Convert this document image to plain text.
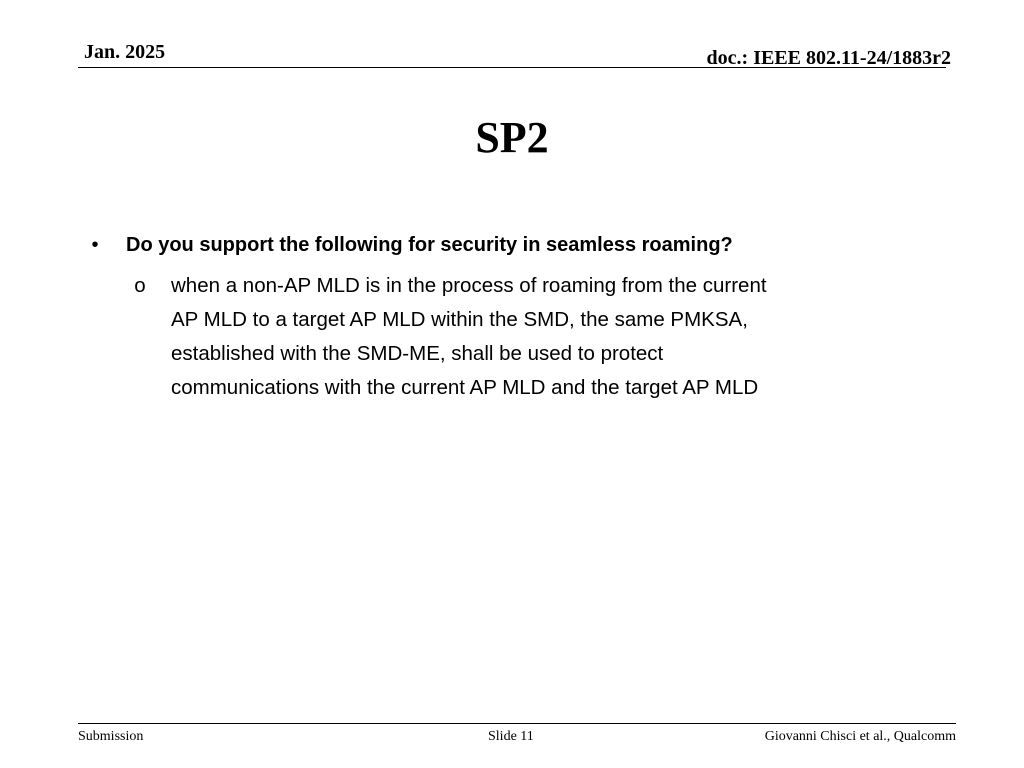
Jan. 2025	doc.: IEEE 802.11-24/1883r2
SP2
• Do you support the following for security in seamless roaming?
o when a non-AP MLD is in the process of roaming from the current
AP MLD to a target AP MLD within the SMD, the same PMKSA,
established with the SMD-ME, shall be used to protect
communications with the current AP MLD and the target AP MLD
Submission	Slide 11	Giovanni Chisci et al., Qualcomm
